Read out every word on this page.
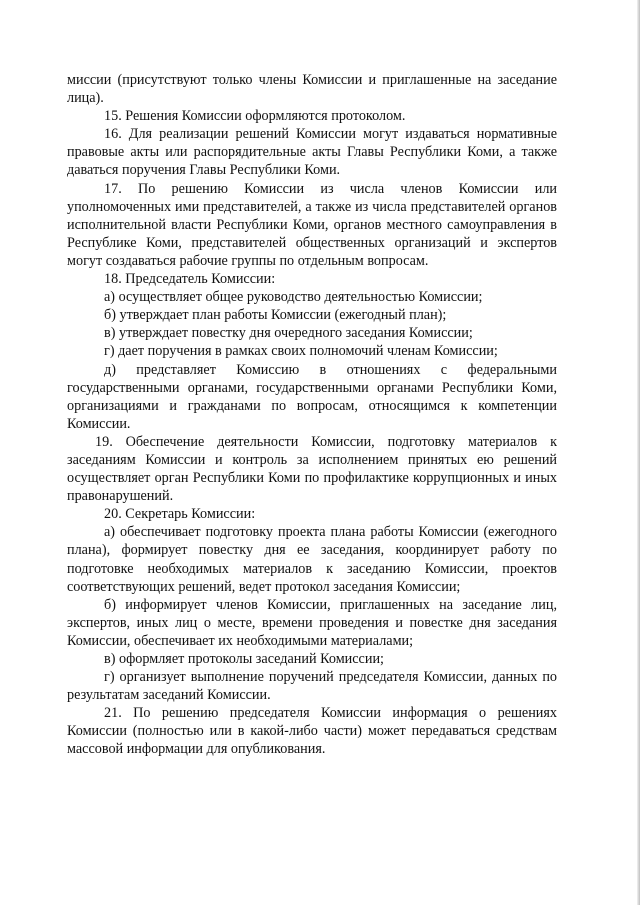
миссии (присутствуют только члены Комиссии и приглашенные на заседание лица).

15. Решения Комиссии оформляются протоколом.

16. Для реализации решений Комиссии могут издаваться нормативные правовые акты или распорядительные акты Главы Республики Коми, а также даваться поручения Главы Республики Коми.

17. По решению Комиссии из числа членов Комиссии или уполномоченных ими представителей, а также из числа представителей органов исполнительной власти Республики Коми, органов местного самоуправления в Республике Коми, представителей общественных организаций и экспертов могут создаваться рабочие группы по отдельным вопросам.

18. Председатель Комиссии:

а) осуществляет общее руководство деятельностью Комиссии;

б) утверждает план работы Комиссии (ежегодный план);

в) утверждает повестку дня очередного заседания Комиссии;

г) дает поручения в рамках своих полномочий членам Комиссии;

д) представляет Комиссию в отношениях с федеральными государственными органами, государственными органами Республики Коми, организациями и гражданами по вопросам, относящимся к компетенции Комиссии.

19. Обеспечение деятельности Комиссии, подготовку материалов к заседаниям Комиссии и контроль за исполнением принятых ею решений осуществляет орган Республики Коми по профилактике коррупционных и иных правонарушений.

20. Секретарь Комиссии:

а) обеспечивает подготовку проекта плана работы Комиссии (ежегодного плана), формирует повестку дня ее заседания, координирует работу по подготовке необходимых материалов к заседанию Комиссии, проектов соответствующих решений, ведет протокол заседания Комиссии;

б) информирует членов Комиссии, приглашенных на заседание лиц, экспертов, иных лиц о месте, времени проведения и повестке дня заседания Комиссии, обеспечивает их необходимыми материалами;

в) оформляет протоколы заседаний Комиссии;

г) организует выполнение поручений председателя Комиссии, данных по результатам заседаний Комиссии.

21. По решению председателя Комиссии информация о решениях Комиссии (полностью или в какой-либо части) может передаваться средствам массовой информации для опубликования.
